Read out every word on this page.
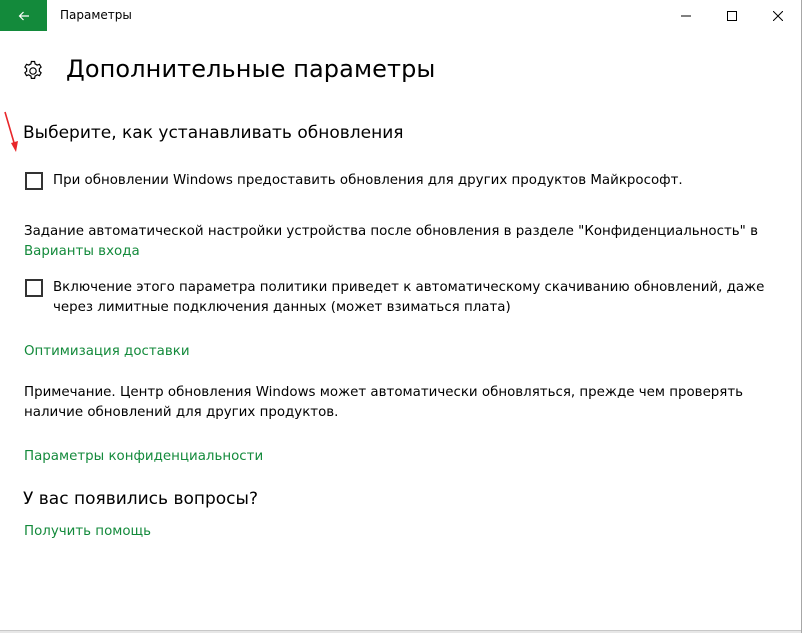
Параметры
Дополнительные параметры
Выберите, как устанавливать обновления
При обновлении Windows предоставить обновления для других продуктов Майкрософт.
Задание автоматической настройки устройства после обновления в разделе "Конфиденциальность" в
Варианты входа
Включение этого параметра политики приведет к автоматическому скачиванию обновлений, даже
через лимитные подключения данных (может взиматься плата)
Оптимизация доставки
Примечание. Центр обновления Windows может автоматически обновляться, прежде чем проверять
наличие обновлений для других продуктов.
Параметры конфиденциальности
У вас появились вопросы?
Получить помощь
